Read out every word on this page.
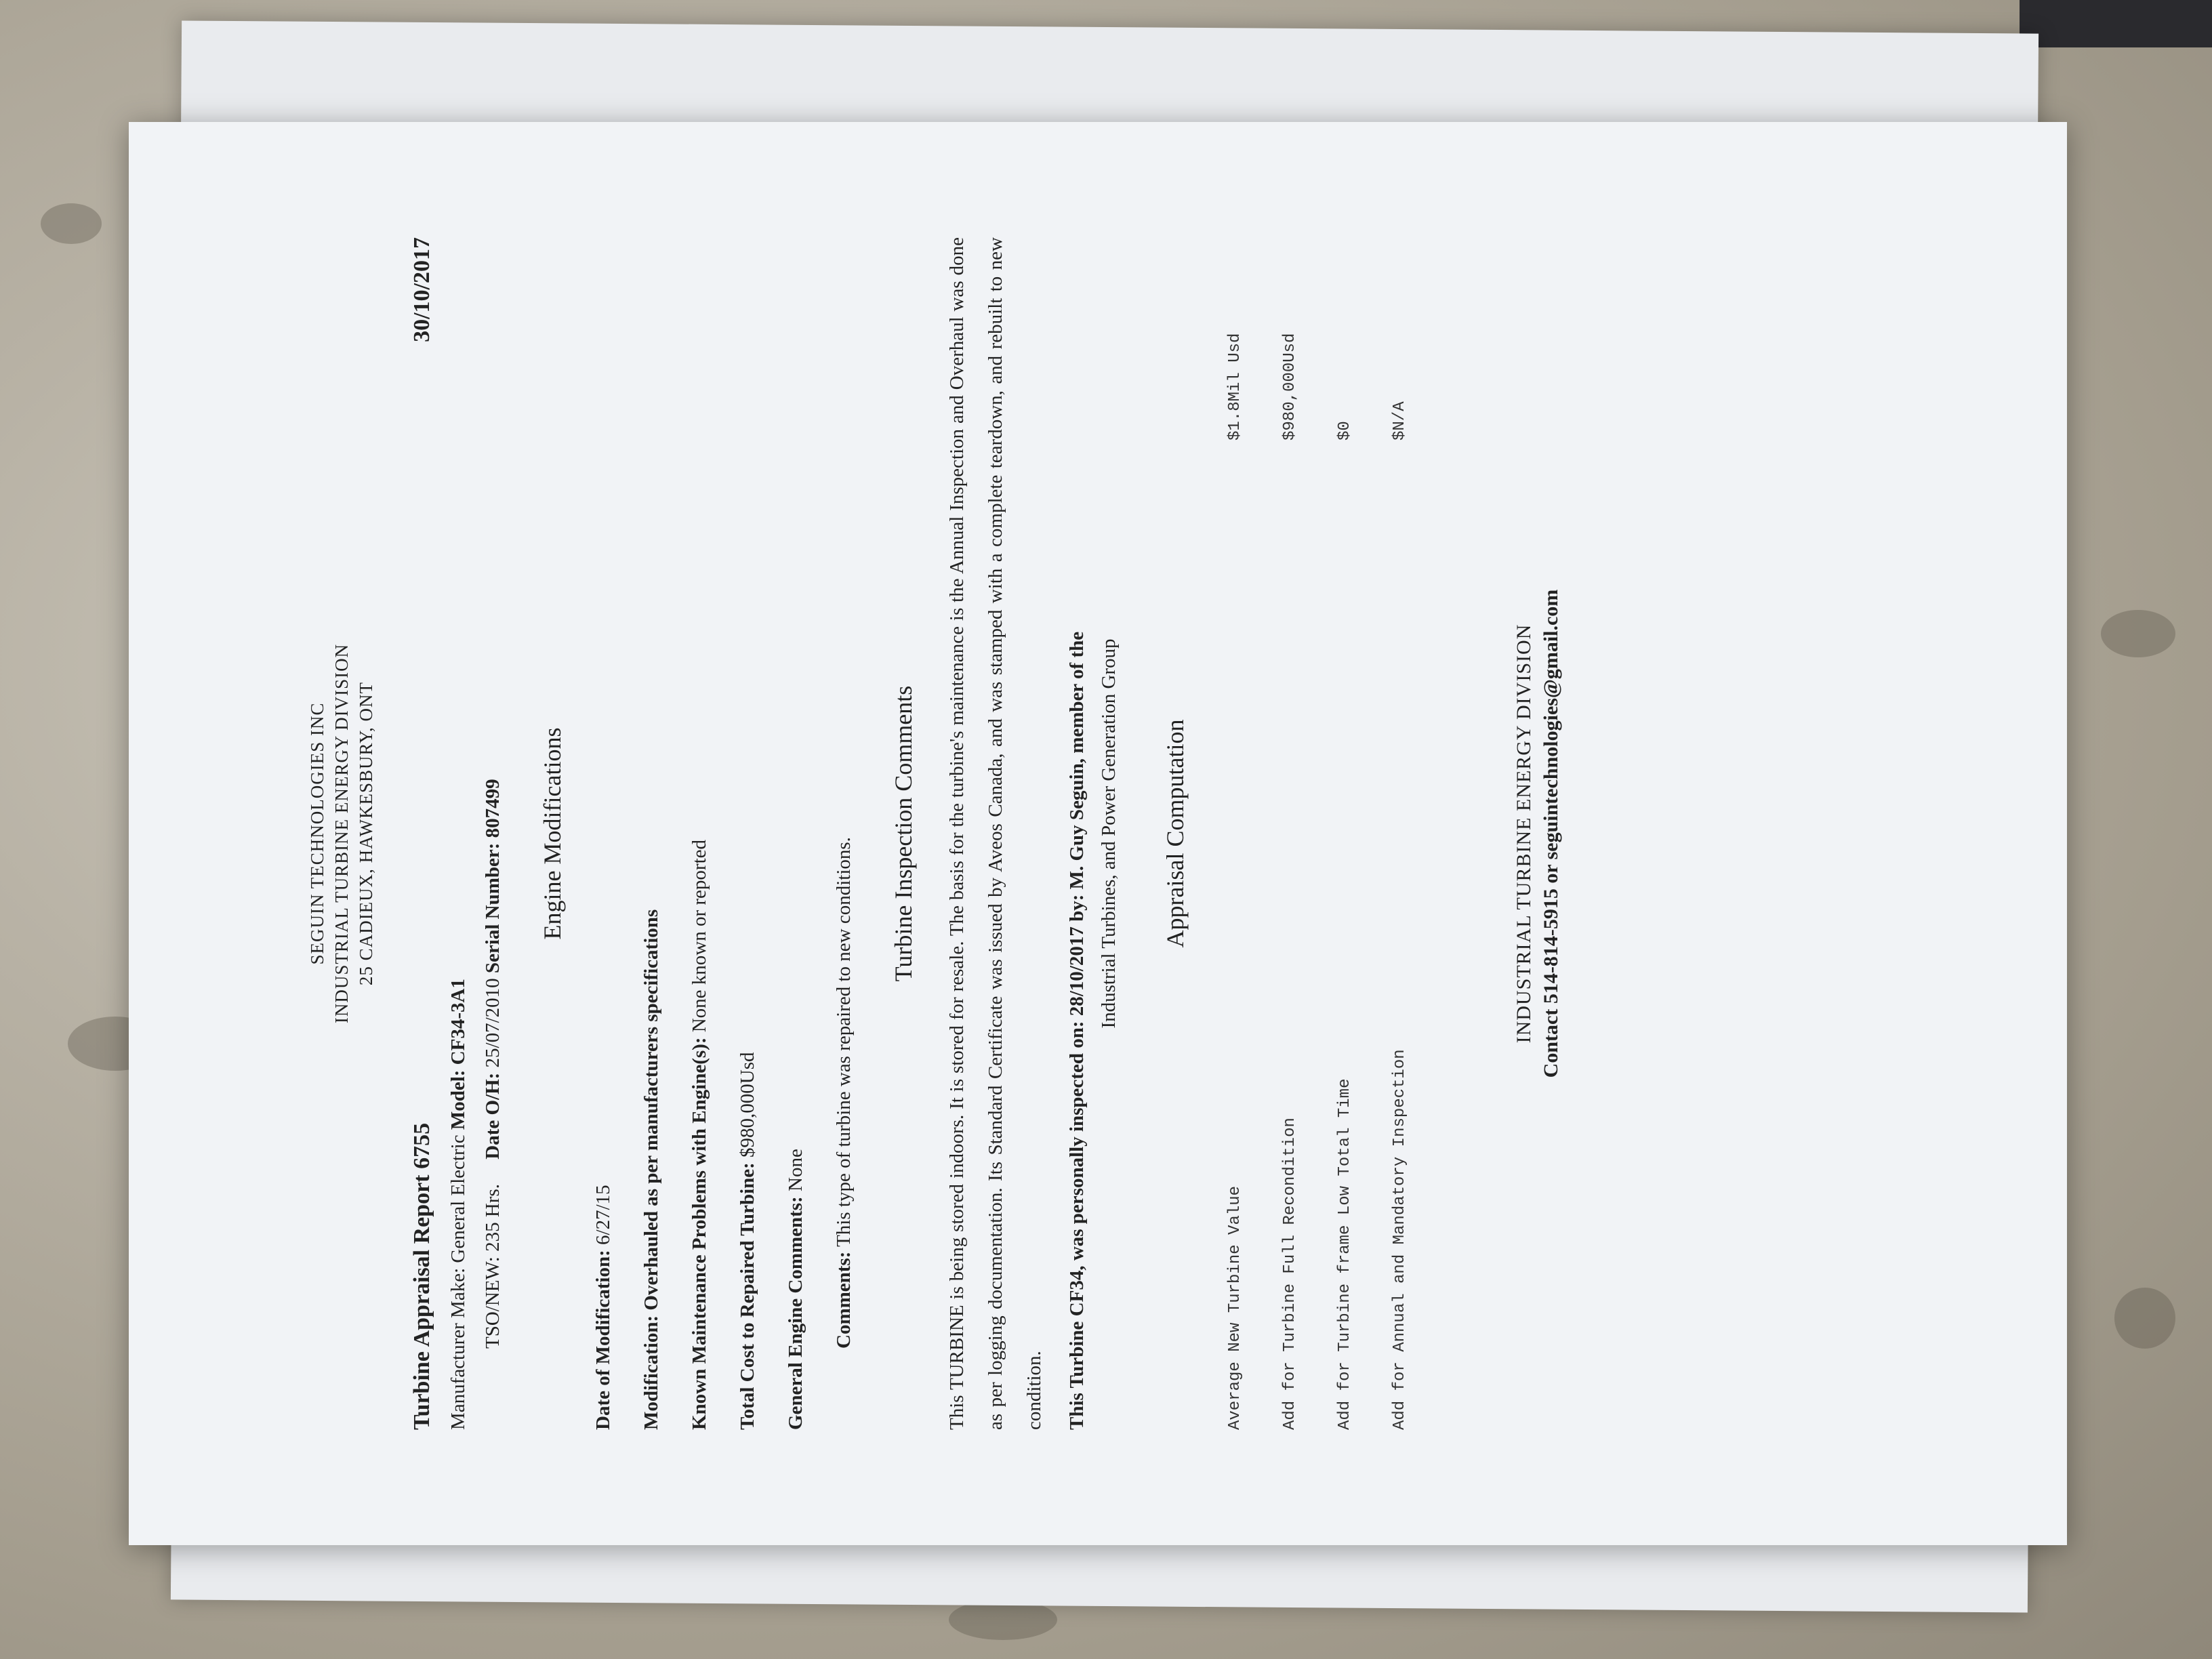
SEGUIN TECHNOLOGIES INC INDUSTRIAL TURBINE ENERGY DIVISION 25 CADIEUX, HAWKESBURY, ONT
Turbine Appraisal Report 6755
30/10/2017
Manufacturer Make: General Electric Model: CF34-3A1
TSO/NEW: 235 Hrs.     Date O/H: 25/07/2010 Serial Number: 807499 Engine Modifications
Date of Modification: 6/27/15
Modification: Overhauled as per manufacturers specifications Known Maintenance Problems with Engine(s): None known or reported
Total Cost to Repaired Turbine: $980,000Usd
General Engine Comments: None
Comments: This type of turbine was repaired to new conditions.
Turbine Inspection Comments	This TURBINE is being stored indoors. It is stored for resale. The basis for the turbine's maintenance is the Annual Inspection and Overhaul was done as per logging documentation. Its Standard Certificate was issued by Aveos Canada, and was stamped with a complete teardown, and rebuilt to new condition.	This Turbine CF34, was personally inspected on: 28/10/2017 by: M. Guy Seguin, member of the Industrial Turbines, and Power Generation Group Appraisal Computation
Average New Turbine Value
$1.8Mil Usd
Add for Turbine Full Recondition
$980,000Usd
Add for Turbine frame Low Total Time
$0
Add for Annual and Mandatory Inspection
$N/A
INDUSTRIAL TURBINE ENERGY DIVISION Contact 514-814-5915 or seguintechnologies@gmail.com
